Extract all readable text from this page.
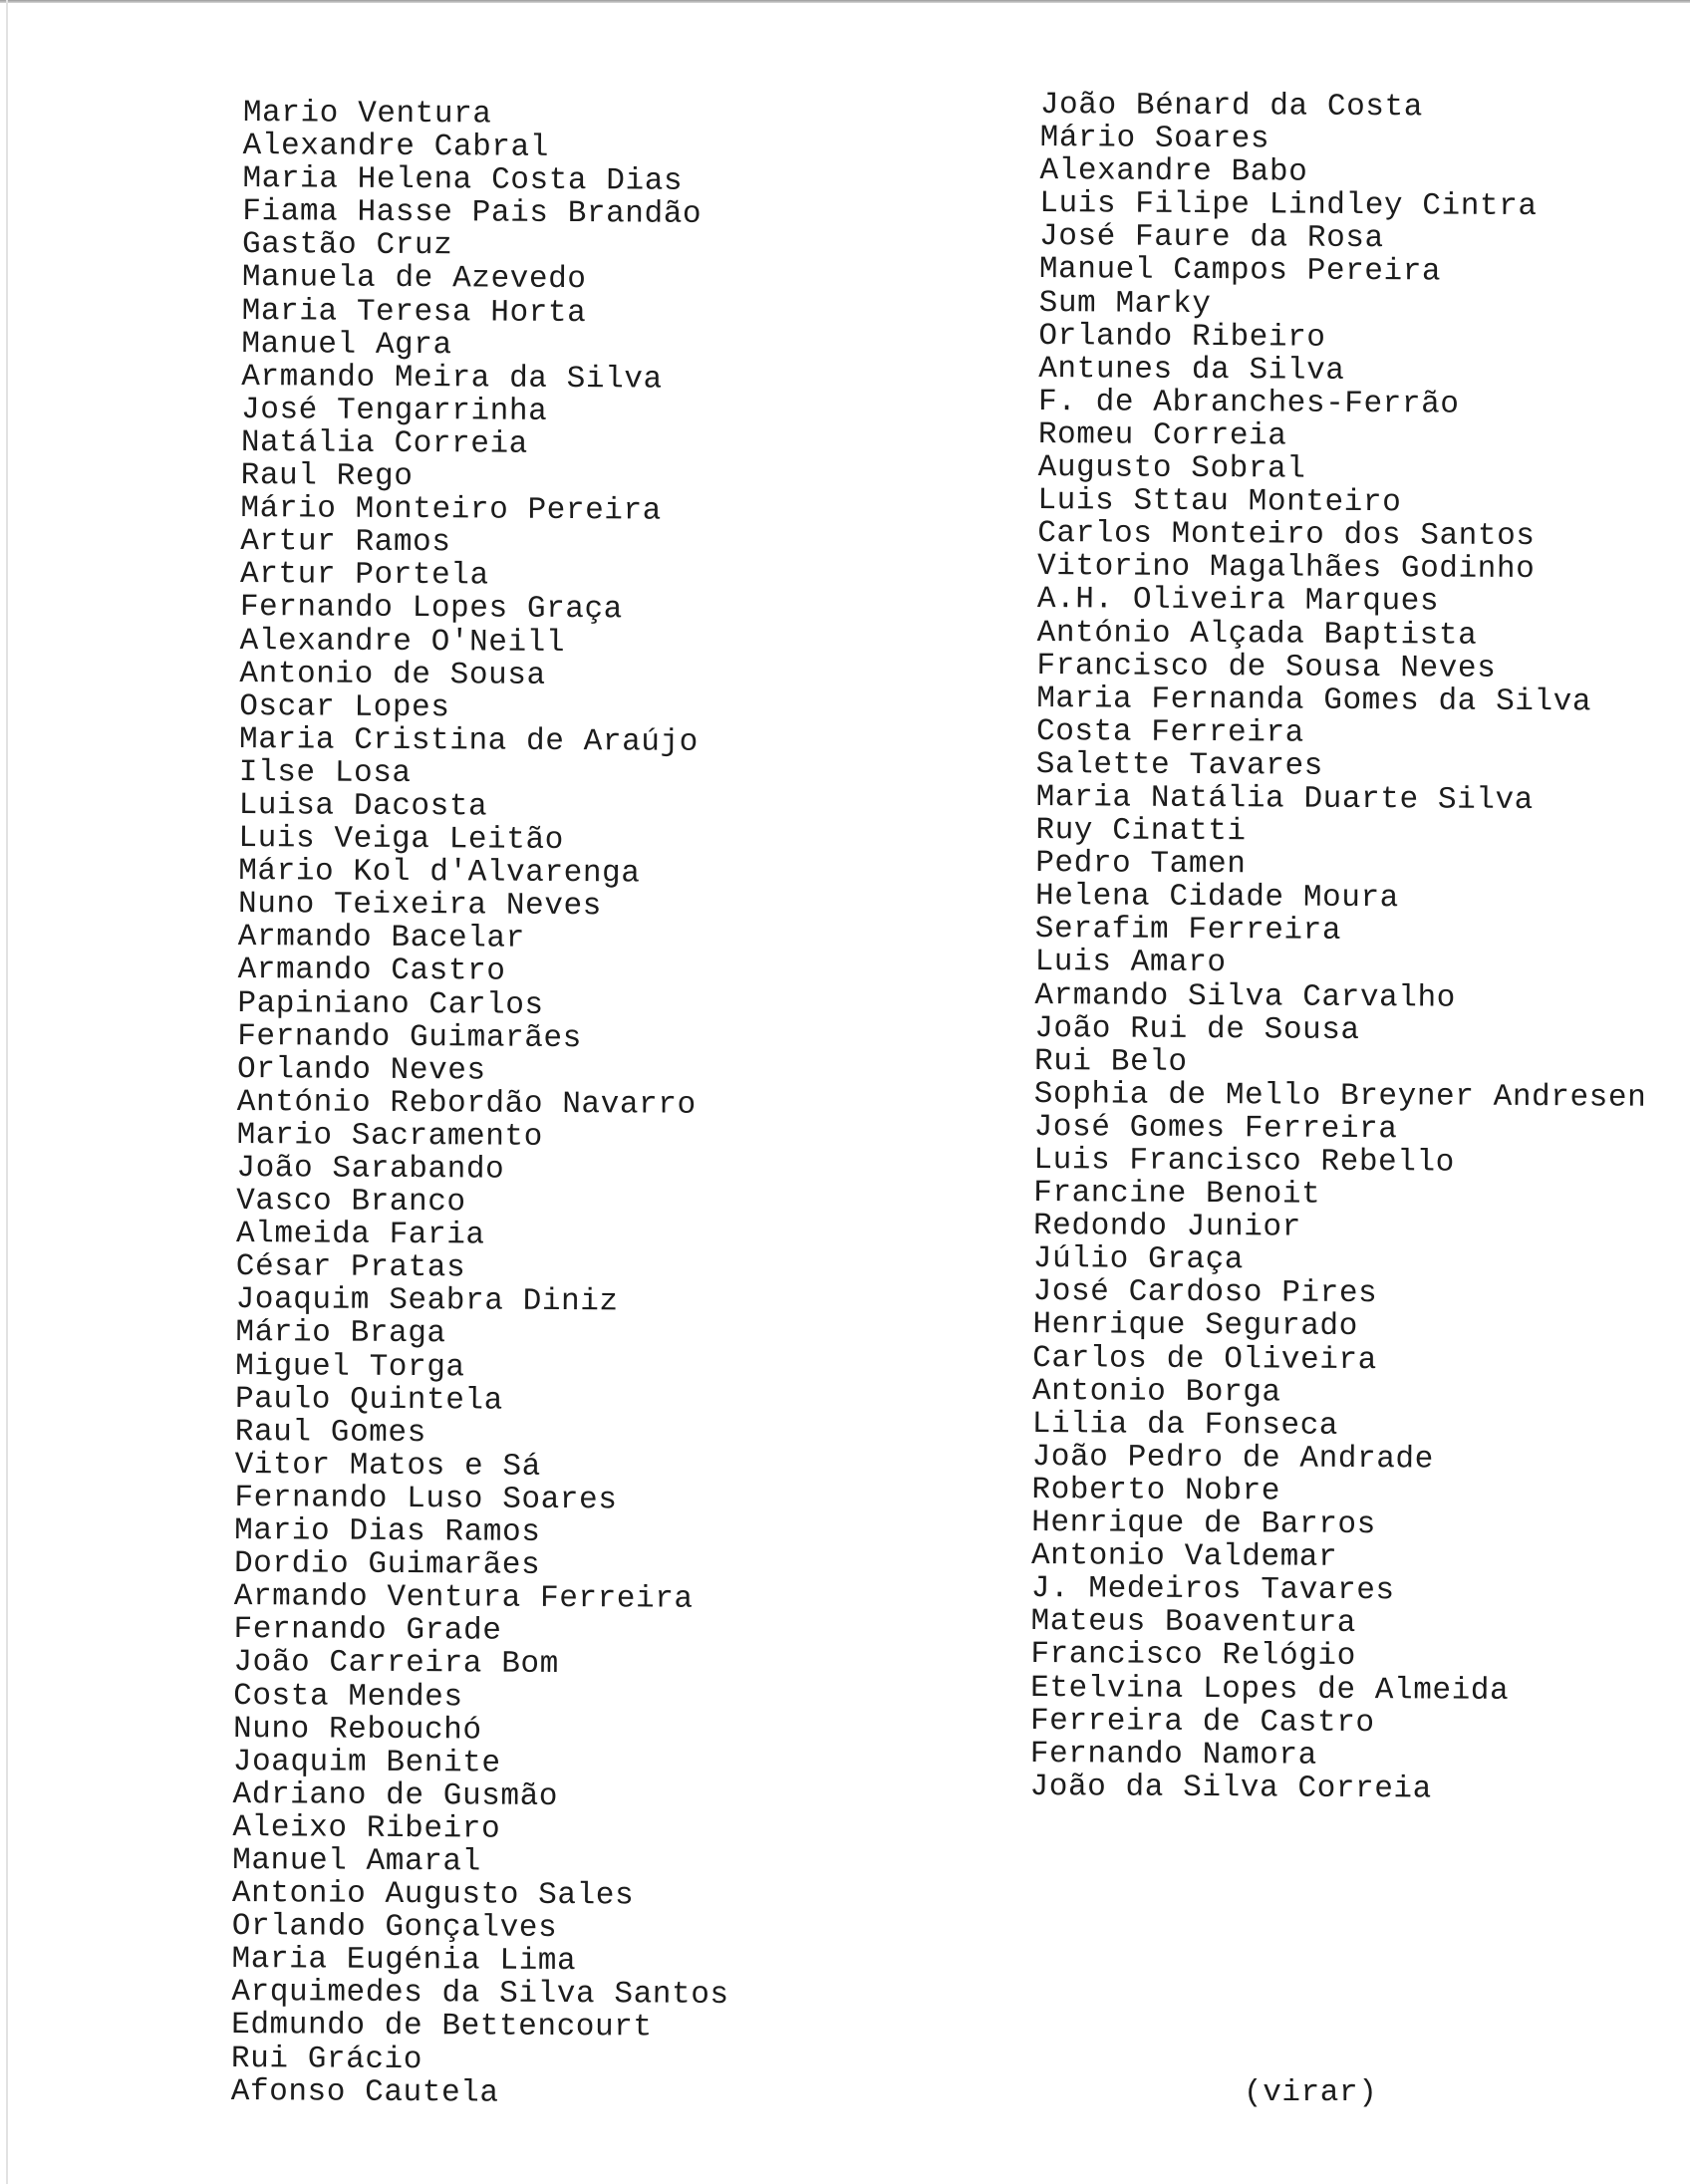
Mario Ventura
Alexandre Cabral
Maria Helena Costa Dias
Fiama Hasse Pais Brandão
Gastão Cruz
Manuela de Azevedo
Maria Teresa Horta
Manuel Agra
Armando Meira da Silva
José Tengarrinha
Natália Correia
Raul Rego
Mário Monteiro Pereira
Artur Ramos
Artur Portela
Fernando Lopes Graça
Alexandre O'Neill
Antonio de Sousa
Oscar Lopes
Maria Cristina de Araújo
Ilse Losa
Luisa Dacosta
Luis Veiga Leitão
Mário Kol d'Alvarenga
Nuno Teixeira Neves
Armando Bacelar
Armando Castro
Papiniano Carlos
Fernando Guimarães
Orlando Neves
António Rebordão Navarro
Mario Sacramento
João Sarabando
Vasco Branco
Almeida Faria
César Pratas
Joaquim Seabra Diniz
Mário Braga
Miguel Torga
Paulo Quintela
Raul Gomes
Vitor Matos e Sá
Fernando Luso Soares
Mario Dias Ramos
Dordio Guimarães
Armando Ventura Ferreira
Fernando Grade
João Carreira Bom
Costa Mendes
Nuno Rebouchó
Joaquim Benite
Adriano de Gusmão
Aleixo Ribeiro
Manuel Amaral
Antonio Augusto Sales
Orlando Gonçalves
Maria Eugénia Lima
Arquimedes da Silva Santos
Edmundo de Bettencourt
Rui Grácio
Afonso Cautela
João Bénard da Costa
Mário Soares
Alexandre Babo
Luis Filipe Lindley Cintra
José Faure da Rosa
Manuel Campos Pereira
Sum Marky
Orlando Ribeiro
Antunes da Silva
F. de Abranches-Ferrão
Romeu Correia
Augusto Sobral
Luis Sttau Monteiro
Carlos Monteiro dos Santos
Vitorino Magalhães Godinho
A.H. Oliveira Marques
António Alçada Baptista
Francisco de Sousa Neves
Maria Fernanda Gomes da Silva
Costa Ferreira
Salette Tavares
Maria Natália Duarte Silva
Ruy Cinatti
Pedro Tamen
Helena Cidade Moura
Serafim Ferreira
Luis Amaro
Armando Silva Carvalho
João Rui de Sousa
Rui Belo
Sophia de Mello Breyner Andresen
José Gomes Ferreira
Luis Francisco Rebello
Francine Benoit
Redondo Junior
Júlio Graça
José Cardoso Pires
Henrique Segurado
Carlos de Oliveira
Antonio Borga
Lilia da Fonseca
João Pedro de Andrade
Roberto Nobre
Henrique de Barros
Antonio Valdemar
J. Medeiros Tavares
Mateus Boaventura
Francisco Relógio
Etelvina Lopes de Almeida
Ferreira de Castro
Fernando Namora
João da Silva Correia
(virar)
